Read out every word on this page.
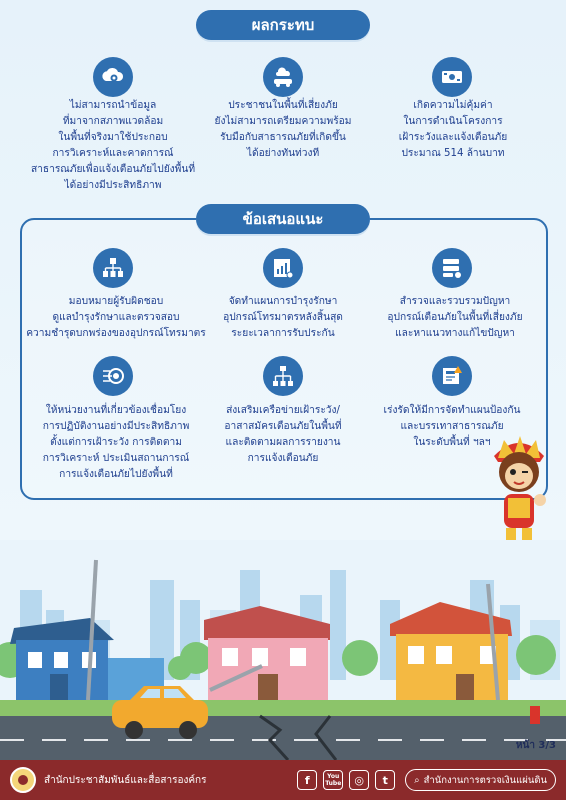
ผลกระทบ
ไม่สามารถนำข้อมูล
ที่มาจากสภาพแวดล้อม
ในพื้นที่จริงมาใช้ประกอบ
การวิเคราะห์และคาดการณ์
สาธารณภัยเพื่อแจ้งเตือนภัยไปยังพื้นที่
ได้อย่างมีประสิทธิภาพ
ประชาชนในพื้นที่เสี่ยงภัย
ยังไม่สามารถเตรียมความพร้อม
รับมือกับสาธารณภัยที่เกิดขึ้น
ได้อย่างทันท่วงที
เกิดความไม่คุ้มค่า
ในการดำเนินโครงการ
เฝ้าระวังและแจ้งเตือนภัย
ประมาณ 514 ล้านบาท
ข้อเสนอแนะ
มอบหมายผู้รับผิดชอบ
ดูแลบำรุงรักษาและตรวจสอบ
ความชำรุดบกพร่องของอุปกรณ์โทรมาตร
จัดทำแผนการบำรุงรักษา
อุปกรณ์โทรมาตรหลังสิ้นสุด
ระยะเวลาการรับประกัน
สำรวจและรวบรวมปัญหา
อุปกรณ์เตือนภัยในพื้นที่เสี่ยงภัย
และหาแนวทางแก้ไขปัญหา
ให้หน่วยงานที่เกี่ยวข้องเชื่อมโยง
การปฏิบัติงานอย่างมีประสิทธิภาพ
ตั้งแต่การเฝ้าระวัง การติดตาม
การวิเคราะห์ ประเมินสถานการณ์
การแจ้งเตือนภัยไปยังพื้นที่
ส่งเสริมเครือข่ายเฝ้าระวัง/
อาสาสมัครเตือนภัยในพื้นที่
และติดตามผลการรายงาน
การแจ้งเตือนภัย
เร่งรัดให้มีการจัดทำแผนป้องกัน
และบรรเทาสาธารณภัย
ในระดับพื้นที่ ฯลฯ
หน้า 3/3
สำนักประชาสัมพันธ์และสื่อสารองค์กร	f	You
Tube	◎	t	⌕ สำนักงานการตรวจเงินแผ่นดิน
